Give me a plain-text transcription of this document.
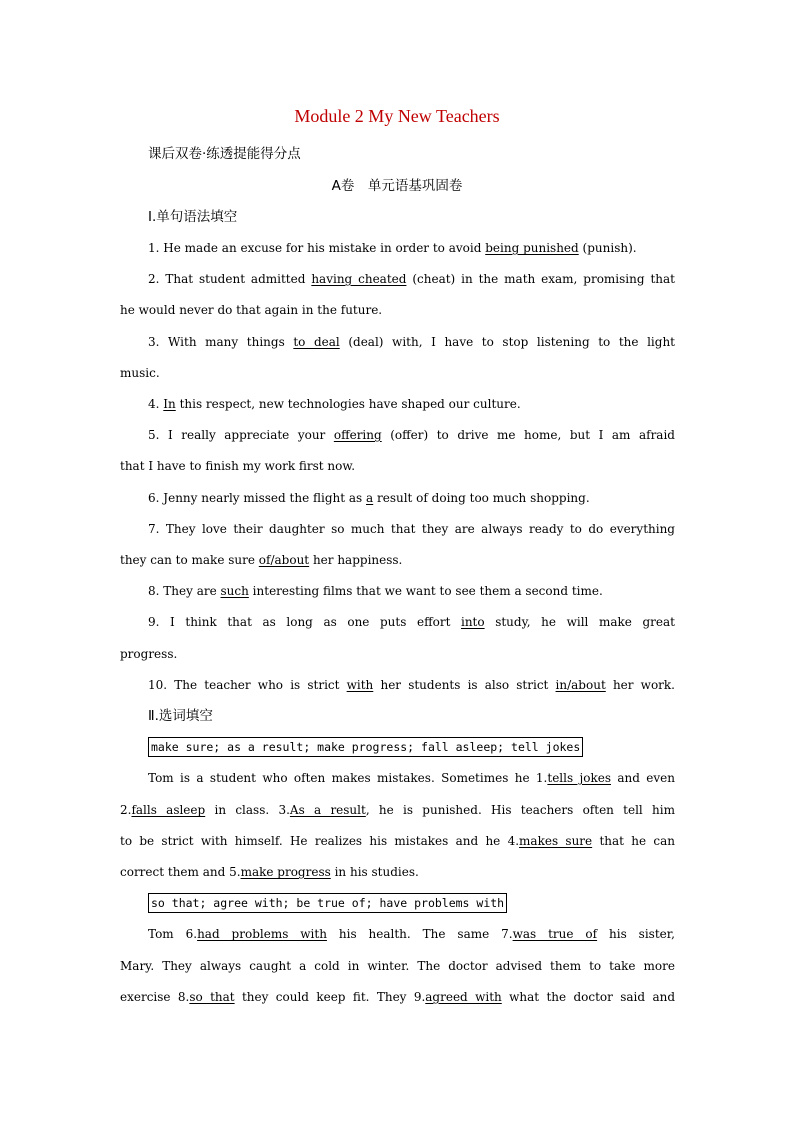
Module 2 My New Teachers
课后双卷·练透提能得分点
A卷　单元语基巩固卷
Ⅰ.单句语法填空
1. He made an excuse for his mistake in order to avoid being punished (punish).
2. That student admitted having cheated (cheat) in the math exam, promising that
he would never do that again in the future.
3. With many things to deal (deal) with, I have to stop listening to the light
music.
4. In this respect, new technologies have shaped our culture.
5. I really appreciate your offering (offer) to drive me home, but I am afraid
that I have to finish my work first now.
6. Jenny nearly missed the flight as a result of doing too much shopping.
7. They love their daughter so much that they are always ready to do everything
they can to make sure of/about her happiness.
8. They are such interesting films that we want to see them a second time.
9. I think that as long as one puts effort into study, he will make great
progress.
10. The teacher who is strict with her students is also strict in/about her work.
Ⅱ.选词填空
make sure; as a result; make progress; fall asleep; tell jokes
Tom is a student who often makes mistakes. Sometimes he 1.tells jokes and even
2.falls asleep in class. 3.As a result, he is punished. His teachers often tell him
to be strict with himself. He realizes his mistakes and he 4.makes sure that he can
correct them and 5.make progress in his studies.
so that; agree with; be true of; have problems with
Tom 6.had problems with his health. The same 7.was true of his sister,
Mary. They always caught a cold in winter. The doctor advised them to take more
exercise 8.so that they could keep fit. They 9.agreed with what the doctor said and
